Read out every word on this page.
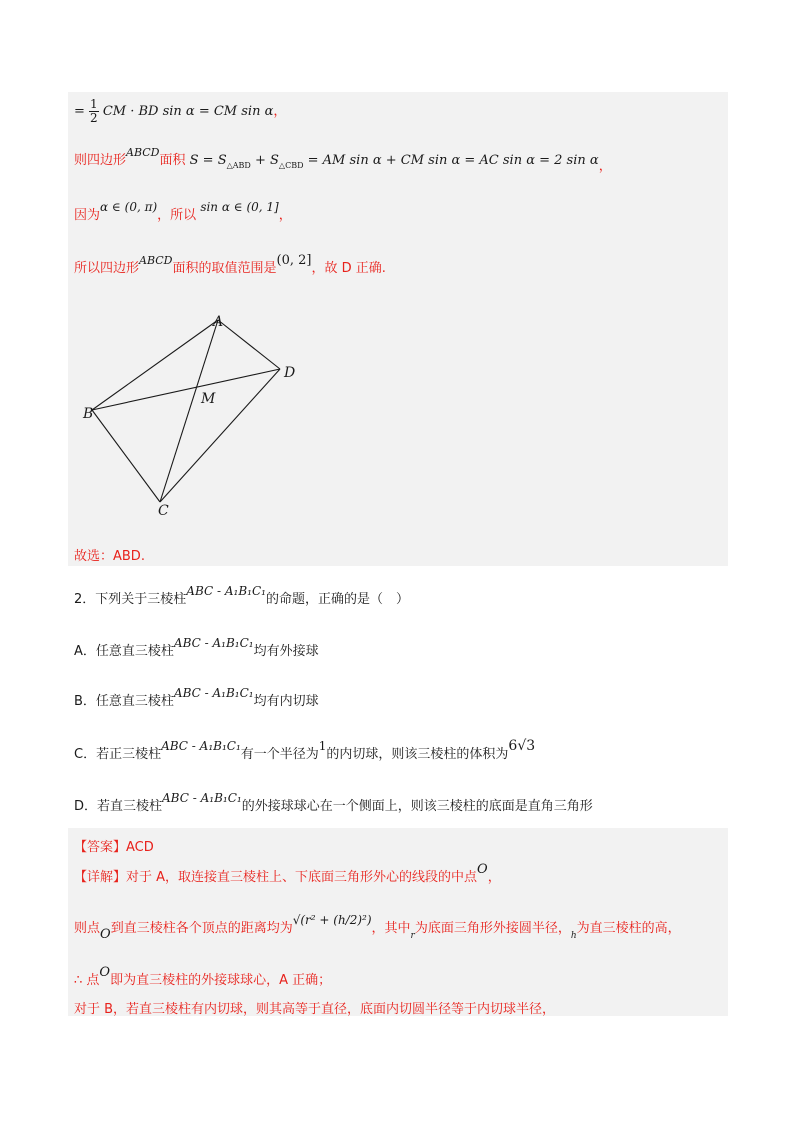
= $\frac{1}{2}$ CM · BD sin α = CM sin α，
则四边形$^{ABCD}$面积 $S = S_{\triangle ABD} + S_{\triangle CBD}$ = AM sin α + CM sin α = AC sin α = 2 sin α，
因为α ∈ (0, π)，所以 sin α ∈ (0, 1]，
所以四边形$^{ABCD}$面积的取值范围是(0, 2]，故 D 正确.
A
B
C
D
M
故选：ABD.
2．下列关于三棱柱ABC - A₁B₁C₁的命题，正确的是（　）
A．任意直三棱柱ABC - A₁B₁C₁均有外接球
B．任意直三棱柱ABC - A₁B₁C₁均有内切球
C．若正三棱柱ABC - A₁B₁C₁有一个半径为1的内切球，则该三棱柱的体积为6√3
D．若直三棱柱ABC - A₁B₁C₁的外接球球心在一个侧面上，则该三棱柱的底面是直角三角形
【答案】ACD
【详解】对于 A，取连接直三棱柱上、下底面三角形外心的线段的中点O，
则点O到直三棱柱各个顶点的距离均为√(r² + (h/2)²)，其中$_r$为底面三角形外接圆半径，$_h$为直三棱柱的高，
∴ 点O即为直三棱柱的外接球球心，A 正确；
对于 B，若直三棱柱有内切球，则其高等于直径，底面内切圆半径等于内切球半径，
